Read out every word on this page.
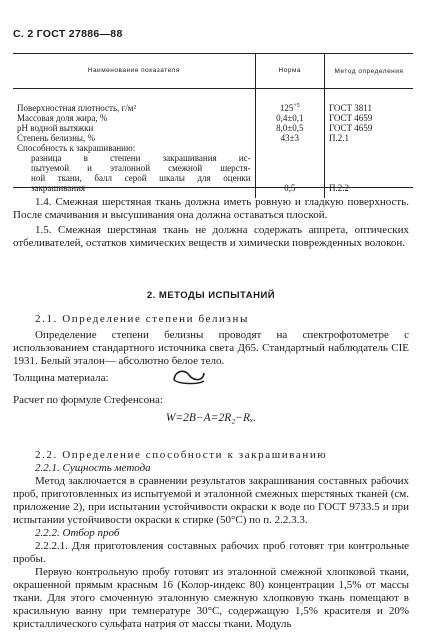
С. 2 ГОСТ 27886—88
Наименование показателя	Норма	Метод определения
Поверхностная плотность, г/м²	$125^{+5}$	ГОСТ 3811
Массовая доля жира, %	0,4±0,1	ГОСТ 4659
pH водной вытяжки	8,0±0,5	ГОСТ 4659
Степень белизны, %	43±3	П.2.1
Способность к закрашиванию:		

разница в степени закрашивания ис-
пытуемой и эталонной смежной шерстя-
ной ткани, балл серой шкалы для оценки
закрашивания	0,5	П.2.2

1.4. Смежная шерстяная ткань должна иметь ровную и гладкую поверхность. После смачивания и высушивания она должна оставаться плоской.

1.5. Смежная шерстяная ткань не должна содержать аппрета, оптических отбеливателей, остатков химических веществ и химически поврежденных волокон.

2. МЕТОДЫ ИСПЫТАНИЙ

2.1. Определение степени белизны

Определение степени белизны проводят на спектрофотометре с использованием стандартного источника света Д65. Стандартный наблюдатель CIE 1931. Белый эталон— абсолютно белое тело.

Толщина материала:
Расчет по формуле Стефенсона:

W=2B−A=2R₂−Rₓ.

2.2. Определение способности к закрашиванию

2.2.1. Сущность метода

Метод заключается в сравнении результатов закрашивания составных рабочих проб, приготовленных из испытуемой и эталонной смежных шерстяных тканей (см. приложение 2), при испытании устойчивости окраски к воде по ГОСТ 9733.5 и при испытании устойчивости окраски к стирке (50°С) по п. 2.2.3.3.

2.2.2. Отбор проб

2.2.2.1. Для приготовления составных рабочих проб готовят три контрольные пробы.

Первую контрольную пробу готовят из эталонной смежной хлопковой ткани, окрашенной прямым красным 16 (Колор-индекс 80) концентрации 1,5% от массы ткани. Для этого смоченную эталонную смежную хлопковую ткань помещают в красильную ванну при температуре 30°С, содержащую 1,5% красителя и 20% кристаллического сульфата натрия от массы ткани. Модуль
